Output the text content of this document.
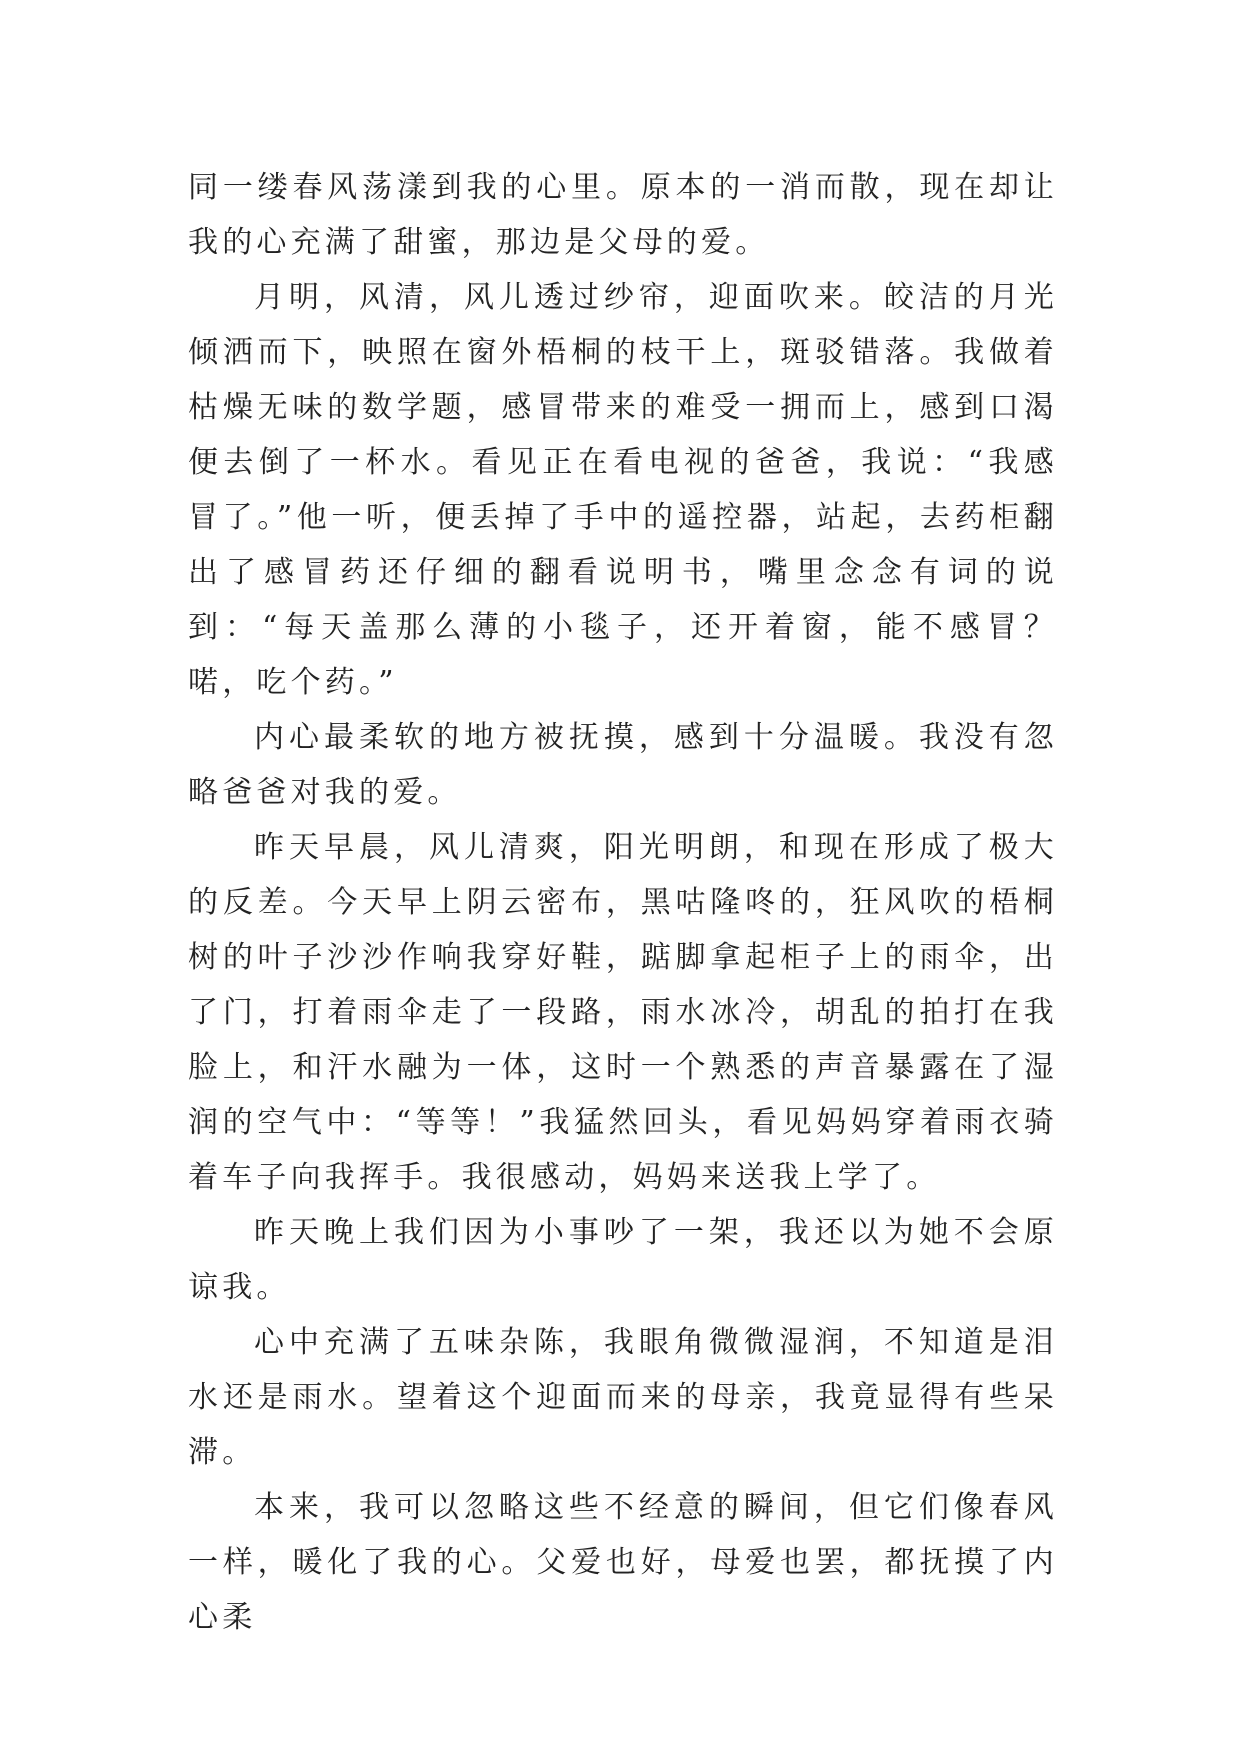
同一缕春风荡漾到我的心里。原本的一消而散，现在却让我的心充满了甜蜜，那边是父母的爱。

月明，风清，风儿透过纱帘，迎面吹来。皎洁的月光倾洒而下，映照在窗外梧桐的枝干上，斑驳错落。我做着枯燥无味的数学题，感冒带来的难受一拥而上，感到口渴便去倒了一杯水。看见正在看电视的爸爸，我说：“我感冒了。”他一听，便丢掉了手中的遥控器，站起，去药柜翻出了感冒药还仔细的翻看说明书，嘴里念念有词的说到：“每天盖那么薄的小毯子，还开着窗，能不感冒？喏，吃个药。”

内心最柔软的地方被抚摸，感到十分温暖。我没有忽略爸爸对我的爱。

昨天早晨，风儿清爽，阳光明朗，和现在形成了极大的反差。今天早上阴云密布，黑咕隆咚的，狂风吹的梧桐树的叶子沙沙作响我穿好鞋，踮脚拿起柜子上的雨伞，出了门，打着雨伞走了一段路，雨水冰冷，胡乱的拍打在我脸上，和汗水融为一体，这时一个熟悉的声音暴露在了湿润的空气中：“等等！”我猛然回头，看见妈妈穿着雨衣骑着车子向我挥手。我很感动，妈妈来送我上学了。

昨天晚上我们因为小事吵了一架，我还以为她不会原谅我。

心中充满了五味杂陈，我眼角微微湿润，不知道是泪水还是雨水。望着这个迎面而来的母亲，我竟显得有些呆滞。

本来，我可以忽略这些不经意的瞬间，但它们像春风一样，暖化了我的心。父爱也好，母爱也罢，都抚摸了内心柔
